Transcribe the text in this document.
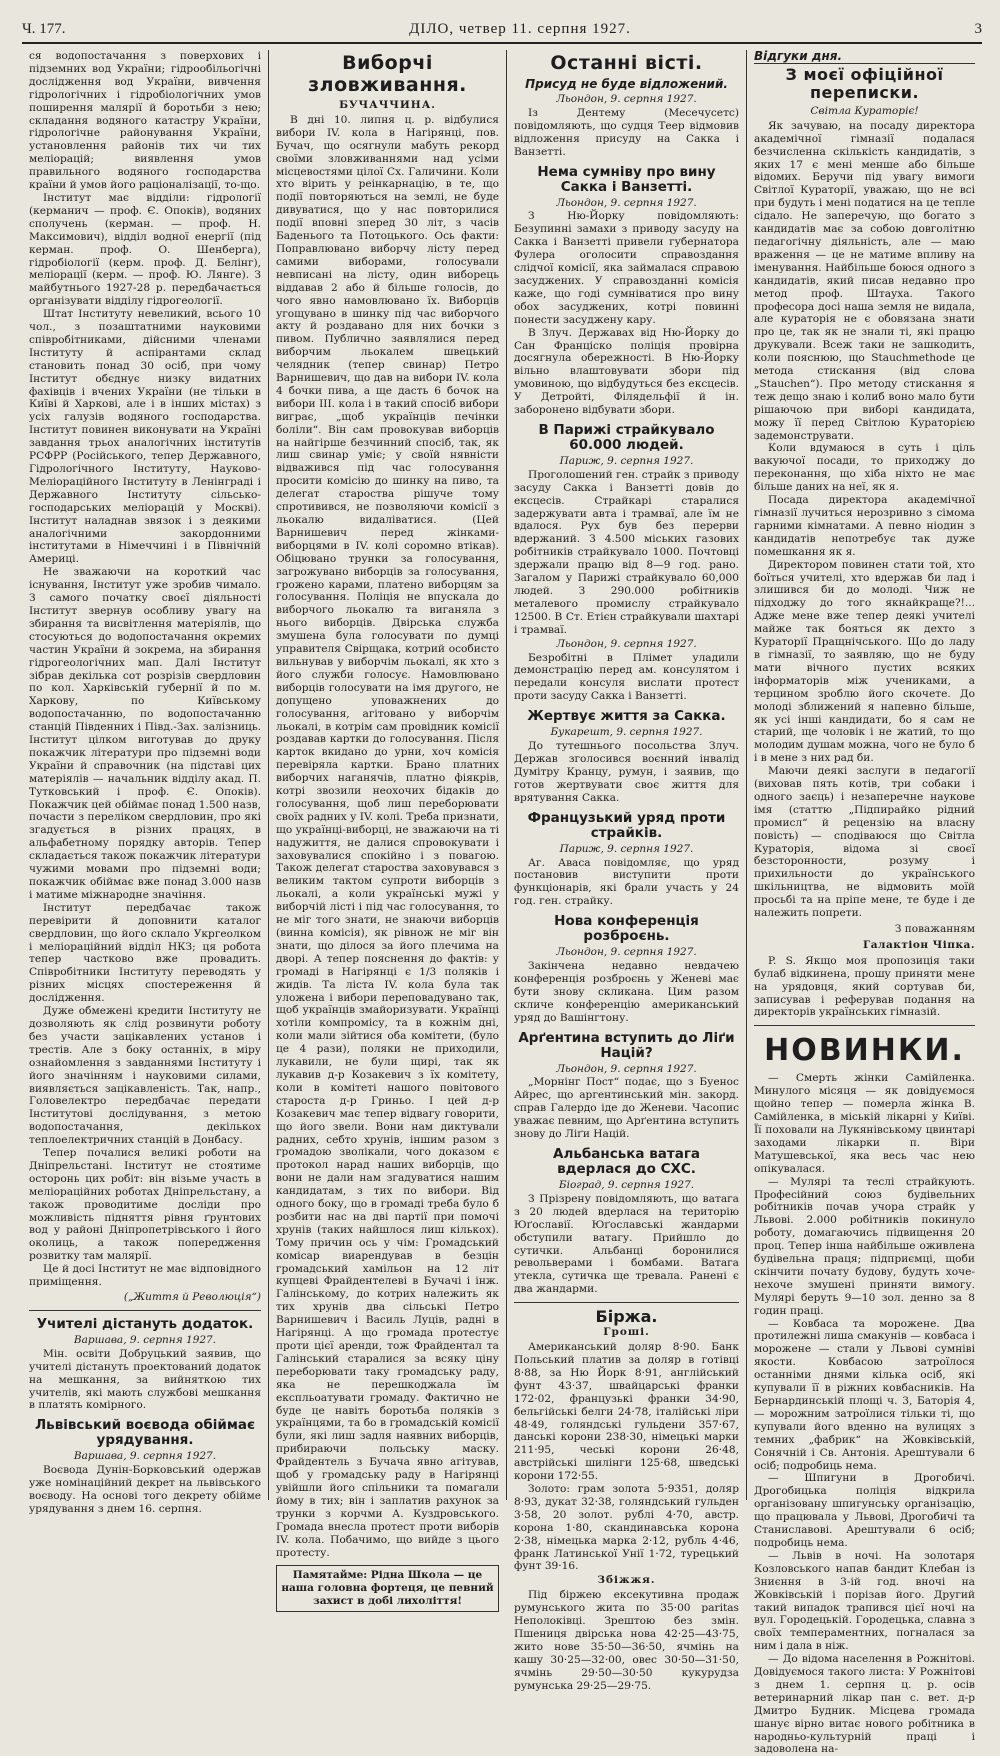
Ч. 177.	ДІЛО, четвер 11. серпня 1927.	3

ся водопостачання з поверхових і підземних вод України; гідрообільогічні дослідження вод України, вивчення гідрологічних і гідробіологічних умов поширення малярії й боротьби з нею; складання водяного катастру України, гідрологічне районування України, установлення районів тих чи тих меліорацій; виявлення умов правильного водяного господарства країни й умов його раціоналізації, то-що.

Інститут має відділи: гідрології (керманич — проф. Є. Опоків), водяних сполучень (керман. — проф. Н. Максимович), відділ водної енергії (під керман. проф. О. Шенберга), гідробіології (керм. проф. Д. Белінг), меліорації (керм. — проф. Ю. Лянге). З майбутнього 1927-28 р. передбачається організувати відділу гідрогеології.

Штат Інституту невеликий, всього 10 чол., з позаштатними науковими співробітниками, дійсними членами Інституту й аспірантами склад становить понад 30 осіб, при чому Інститут обєднує низку видатних фахівців і вчених України (не тільки в Київі й Харкові, але і в інших містах) з усіх галузів водяного господарства. Інститут повинен виконувати на Україні завдання трьох аналогічних інститутів РСФРР (Російського, тепер Державного, Гідрологічного Інституту, Науково-Меліораційного Інституту в Ленінграді і Державного Інституту сільсько-господарських меліорацій у Москві). Інститут наладнав звязок і з деякими аналогічними закордонними інститутами в Німеччині і в Північній Америці.

Не зважаючи на короткий час існування, Інститут уже зробив чимало. З самого початку своєї діяльності Інститут звернув особливу увагу на збирання та висвітлення матеріялів, що стосуються до водопостачання окремих частин України й зокрема, на збирання гідрогеологічних мап. Далі Інститут зібрав декілька сот розрізів свердловин по кол. Харківській губернії й по м. Харкову, по Київському водопостачанню, по водопостачанню станцій Південних і Півд.-Зах. залізниць. Інститут цілком виготував до друку покажчик літератури про підземні води України й справочник (на підставі цих матеріялів — начальник відділу акад. П. Тутковський і проф. Є. Опоків). Покажчик цей обіймає понад 1.500 назв, почасти з переліком свердловин, про які згадується в різних працях, в альфабетному порядку авторів. Тепер складається також покажчик літератури чужими мовами про підземні води; покажчик обіймає вже понад 3.000 назв і матиме міжнародне значіння.

Інститут передбачає також перевірити й доповнити каталог свердловин, що його склало Укргеолком і меліораційний відділ НКЗ; ця робота тепер частково вже провадить. Співробітники Інституту переводять у різних місцях спостереження й дослідження.

Дуже обмежені кредити Інституту не дозволяють як слід розвинути роботу без участи зацікавлених установ і трестів. Але з боку останніх, в міру ознайомлення з завданнями Інституту і його значінням і науковими силами, виявляється зацікавленість. Так, напр., Головелектро передбачає передати Інститутові дослідування, з метою водопостачання, декількох теплоелектричних станцій в Донбасу.

Тепер почалися великі роботи на Дніпрельстані. Інститут не стоятиме осторонь цих робіт: він візьме участь в меліораційних роботах Дніпрельстану, а також проводитиме досліди про можливість підняття рівня ґрунтових вод у районі Дніпропетрівського і його околиць, а також попередження розвитку там малярії.

Це й досі Інститут не має відповідного приміщення.

(„Життя й Революція“)
Учителі дістануть додаток.
Варшава, 9. серпня 1927.

Мін. освіти Добруцький заявив, що учителі дістануть проектований додаток на мешкання, за вийняткою тих учителів, які мають службові мешкання в платять комірного.

Львівський воєвода обіймає урядування.
Варшава, 9. серпня 1927.

Воєвода Дунін-Борковський одержав уже номінаційний декрет на львівського воєводу. На основі того декрету обійме урядування з днем 16. серпня.

Виборчі зловживання.
БУЧАЧЧИНА.

В дні 10. липня ц. р. відбулися вибори IV. кола в Нагірянці, пов. Бучач, що осягнули мабуть рекорд своїми зловживаннями над усіми місцевостями цілої Сх. Галичини. Коли хто вірить у реінкарнацію, в те, що події повторяються на землі, не буде дивуватися, що у нас повторилися події вповні зперед 30 літ, з часів Баденього та Потоцького. Ось факти: Поправлювано виборчу лісту перед самими виборами, голосували невписані на лісту, один виборець віддавав 2 або й більше голосів, до чого явно намовлювано їх. Виборців угощувано в шинку під час виборчого акту й роздавано для них бочки з пивом. Публично заявлялися перед виборчим льокалем швецький челядник (тепер свинар) Петро Варнишевич, що дав на вибори IV. кола 4 бочки пива, а ще дасть 6 бочок на вибори III. кола і в такий спосіб вибори виграє, „щоб українців печінки боліли“. Він сам провокував виборців на найгірше безчинний спосіб, так, як лиш свинар уміє; у своїй нявністи відважився під час голосування просити комісію до шинку на пиво, та делегат староства рішуче тому спротивився, не позволяючи комісії з льокалю видаліватися. (Цей Варнишевич перед жінками-виборцями в IV. колі соромно втікав). Обіцювано трунки за голосування, загрожувано виборців за голосування, грожено карами, платено виборцям за голосування. Поліція не впускала до виборчого льокалю та виганяла з нього виборців. Двірська служба змушена була голосувати по думці управителя Свірщака, котрий особисто вильнував у виборчім льокалі, як хто з його служби голосує. Намовлювано виборців голосувати на імя другого, не допущено уповажнених до голосування, агітовано у виборчім льокалі, в котрім сам провідник комісії роздавав картки до голосування. Після карток вкидано до урни, хоч комісія перевіряла картки. Брано платних виборчих наганячів, платно фіякрів, котрі звозили неохочих бідаків до голосування, щоб лиш переборювати своїх радних у IV. колі. Треба признати, що українці-виборці, не зважаючи на ті надужиття, не далися спровокувати і заховувалися спокійно і з повагою. Також делегат староства заховувався з великим тактом супроти виборців з льокалі, а коли українські мужі у виборчій лісті і під час голосування, то не міг того знати, не знаючи виборців (винна комісія), як рівнож не міг він знати, що ділося за його плечима на дворі. А тепер пояснення до фактів: у громаді в Нагірянці є 1/3 поляків і жидів. Та ліста IV. кола була так уложена і вибори переповадувано так, щоб українців змайоризувати. Українці хотіли компромісу, та в кожнім дні, коли мали зійтися оба комітети, (було це 4 рази), поляки не приходили, лукавили, не були щирі, так як лукавив д-р Козакевич з їх комітету, коли в комітеті нашого повітового староста д-р Гриньо. І цей д-р Козакевич має тепер відвагу говорити, що його звели. Вони нам диктували радних, себто хрунів, іншим разом з громадою зволікали, чого доказом є протокол нарад наших виборців, що вони не дали нам згадуватися нашим кандидатам, з тих по вибори. Від одного боку, що в громаді треба було б розбити нас на дві партії при помочі хрунів (таких найшлося лиш кількох). Тому причин ось у чім: Громадський комісар виарендував в безцін громадський хамільон на 12 літ купцеві Фрайдентелеві в Бучачі і інж. Галінському, до котрих належить як тих хрунів два сільські Петро Варнишевич і Василь Луців, радні в Нагірянці. А що громада протестує проти цієї аренди, тож Фрайдентал та Галінський старалися за всяку ціну переборювати таку громадську раду, яка не перешкоджала їм експльоатувати громаду. Фактично не буде це навіть боротьба поляків з українцями, та бо в громадській комісії були, які лиш задля наявних виборців, прибираючи польську маску. Фрайдентель з Бучача явно агітував, щоб у громадську раду в Нагірянці увійшли його спільники та помагали йому в тих; він і заплатив рахунок за трунки з корчми А. Куздровського. Громада внесла протест проти виборів IV. кола. Побачимо, що вийде з цього протесту.

Памятайме: Рідна Школа — це наша головна фортеця, це певний захист в добі лихоліття!
Останні вісті.
Присуд не буде відложений.
Льондон, 9. серпня 1927.

Із Дентему (Месечусетс) повідомляють, що судця Теер відмовив відложення присуду на Сакка і Ванзетті.

Нема сумніву про вину Сакка і Ванзетті.
Льондон, 9. серпня 1927.

З Ню-Йорку повідомляють: Безупинні замахи з приводу засуду на Сакка і Ванзетті привели губернатора Фулера оголосити справоздання слідчої комісії, яка займалася справою засуджених. У справозданні комісія каже, що годі сумніватися про вину обох засуджених, котрі повинні понести засуджену кару.

В Злуч. Державах від Ню-Йорку до Сан Франціско поліція провірна досягнула обережності. В Ню-Йорку вільно влаштовувати збори під умовиною, що відбудуться без ексцесів. У Детройті, Філядельфії й ін. заборонено відбувати збори.

В Парижі страйкувало 60.000 людей.
Париж, 9. серпня 1927.

Проголошений ген. страйк з приводу засуду Сакка і Ванзетті довів до ексцесів. Страйкарі старалися задержувати авта і трамваї, але їм не вдалося. Рух був без перерви вдержаний. З 4.500 міських газових робітників страйкувало 1000. Почтовці здержали працю від 8—9 год. рано. Загалом у Парижі страйкувало 60,000 людей. З 290.000 робітників металевого промислу страйкувало 12500. В Ст. Етієн страйкували шахтарі і трамваї.

Льондон, 9. серпня 1927.

Безробітні в Плімет уладили демонстрацію перед ам. консулятом і передали консуля вислати протест проти засуду Сакка і Ванзетті.

Жертвує життя за Сакка.
Букарешт, 9. серпня 1927.

До тутешнього посольства Злуч. Держав зголосився воєнний інвалід Думітру Кранцу, румун, і заявив, що готов жертвувати своє життя для врятування Сакка.

Французький уряд проти страйків.
Париж, 9. серпня 1927.

Аг. Аваса повідомляє, що уряд постановив виступити проти функціонарів, які брали участь у 24 год. ген. страйку.

Нова конференція розброєнь.
Льондон, 9. серпня 1927.

Закінчена недавно невдачею конференція розброєнь у Женеві має бути знову скликана. Цим разом скличе конференцію американський уряд до Вашінгтону.

Арґентина вступить до Ліґи Націй?
Льондон, 9. серпня 1927.

„Морнінг Пост“ подає, що з Буенос Айрес, що аргентинський мін. закорд. справ Галердо іде до Женеви. Часопис уважає певним, що Арґентина вступить знову до Ліґи Націй.

Альбанська ватага вдерлася до СХС.
Біоград, 9. серпня 1927.

З Прізрену повідомляють, що ватага з 20 людей вдерлася на територію Юґославії. Юґославські жандарми обступили ватагу. Прийшло до сутички. Альбанці боронилися револьверами і бомбами. Ватага утекла, сутичка ще тревала. Ранені є два жандарми.

Біржа.
Гроші.

Американський доляр 8·90. Банк Польський платив за доляр в готівці 8·88, за Ню Йорк 8·91, англійський фунт 43·37, швайцарські франки 172·02, французькі франки 34·90, бельгійські белги 24·78, італійські ліри 48·49, голяндські гульдени 357·67, данські корони 238·30, німецькі марки 211·95, чеські корони 26·48, австрійські шилінги 125·68, шведські корони 172·55.

Золото: грам золота 5·9351, доляр 8·93, дукат 32·38, голяндський гульден 3·58, 20 золот. рублі 4·70, австр. корона 1·80, скандинавська корона 2·38, німецька марка 2·12, рубль 4·46, франк Латинської Унії 1·72, турецький фунт 39·16.

Збіжжя.

Під біржею ексекутивна продаж румунського жита по 35·00 paritas Неполоківці. Зрештою без змін. Пшениця двірська нова 42·25—43·75, жито нове 35·50—36·50, ячмінь на кашу 30·25—32·00, овес 30·50—31·50, ячмінь 29·50—30·50 кукурудза румунська 29·25—29·75.

Відгуки дня.
З моєї офіційної переписки.
Світла Кураторіє!

Як зачуваю, на посаду директора академічної гімназії подалася безчисленна скількість кандидатів, з яких 17 є мені менше або більше відомих. Беручи під увагу вимоги Світлої Кураторії, уважаю, що не всі при будуть і мені податися на це тепле сідало. Не заперечую, що богато з кандидатів має за собою довголітню педагогічну діяльність, але — маю враження — це не матиме впливу на іменування. Найбільше боюся одного з кандидатів, який писав недавно про метод проф. Штауха. Такого професора досі наша земля не видала, але кураторія не є обовязана знати про це, так як не знали ті, які працю друкували. Всеж таки не зашкодить, коли пояснюю, що Stauchmethode це метода стискання (від слова „Stauchen“). Про методу стискання я теж дещо знаю і колиб воно мало бути рішаючою при виборі кандидата, можу її перед Світлою Кураторією задемонструвати.

Коли вдумаюся в суть і ціль вакуючої посади, то приходжу до переконання, що хіба ніхто не має більше даних на неї, як я.

Посада директора академічної гімназії лучиться нерозривно з сімома гарними кімнатами. А певно ніодин з кандидатів непотребує так дуже помешкання як я.

Директором повинен стати той, хто боїться учителі, хто вдержав би лад і злишився би до молоді. Чиж не підходжу до того якнайкраще?!... Адже мене вже тепер деякі учителі майже так бояться як дехто з Кураторії Пращнічського. Що до ладу в гімназії, то заявляю, що не буду мати вічного пустих всяких інформаторів між учениками, а терцином зроблю його скочете. До молоді зближений я напевно більше, як усі інші кандидати, бо я сам не старий, ще чоловік і не жатий, то що молодим душам можна, чого не було б і в мене з них рад би.

Маючи деякі заслуги в педагогії (виховав пять котів, три собаки і одного заєць) і незаперечне наукове імя (статтю „Підпирайко рідний промисл“ й рецензію на власну повість) — сподіваюся що Світла Кураторія, відома зі своєї безсторонности, розуму і прихильности до українського шкільництва, не відмовить моїй просьбі та на пріпе мене, те буде і де належить попрети.

З поважанням
Галактіон Чіпка.

P. S. Якщо моя пропозиція таки булаб відкинена, прошу приняти мене на урядовця, який сортував би, записував і реферував подання на директорів українських гімназій.

НОВИНКИ.

— Смерть жінки Самійленка. Минулого місяця — як довідуємося щойно тепер — померла жінка В. Самійленка, в міській лікарні у Київі. Її поховали на Лукянівському цвинтарі заходами лікарки п. Віри Матушевської, яка весь час нею опікувалася.

— Мулярі та теслі страйкують. Професійний союз будівельних робітників почав учора страйк у Львові. 2.000 робітників покинуло роботу, домагаючись підвищення 20 проц. Тепер іншa найбільше оживлена будівельна праця; підприємці, щоби скінчити почату будову, будуть хоче-нехоче змушені приняти вимогу. Мулярі беруть 9—10 зол. денно за 8 годин праці.

— Ковбаса та морожене. Два протилежні лиша смакунів — ковбаса і морожене — стали у Львові сумніві якости. Ковбасою затроїлося останніми днями кілька осіб, які купували її в ріжних ковбасникiв. На Бернардинській площі ч. 3, Баторія 4, — морожним затроїлися тільки ті, що купували його вденно на вулицях з темних „фабрик“ на Жовківській, Сонячній і Св. Антонія. Арештували 6 осіб; подробиць нема.

— Шпигуни в Дрогобичі. Дрогобицька поліція відкрила організовану шпигунську організацію, що працювала у Львові, Дрогобичі та Станиславові. Арештували 6 осіб; подробиць нема.

— Львів в ночі. На золотаря Козловського напав бандит Клебан із Зниєння в 3-ій год. вночі на Жовківській і порізав його. Другий такий випадок трапився цієї ночі на вул. Городецькій. Городецька, славна з своїх темпераментних, погналася за ним і дала в ніж.

— До відома населення в Рожнітові. Довідуємося такого листа: У Рожнітові з днем 1. серпня ц. р. осів ветеринарний лікар пан с. вет. д-р Дмитро Будник. Місцева громада шанує вірно витає нового робітника в народньо-культурній праці і задоволена на-
